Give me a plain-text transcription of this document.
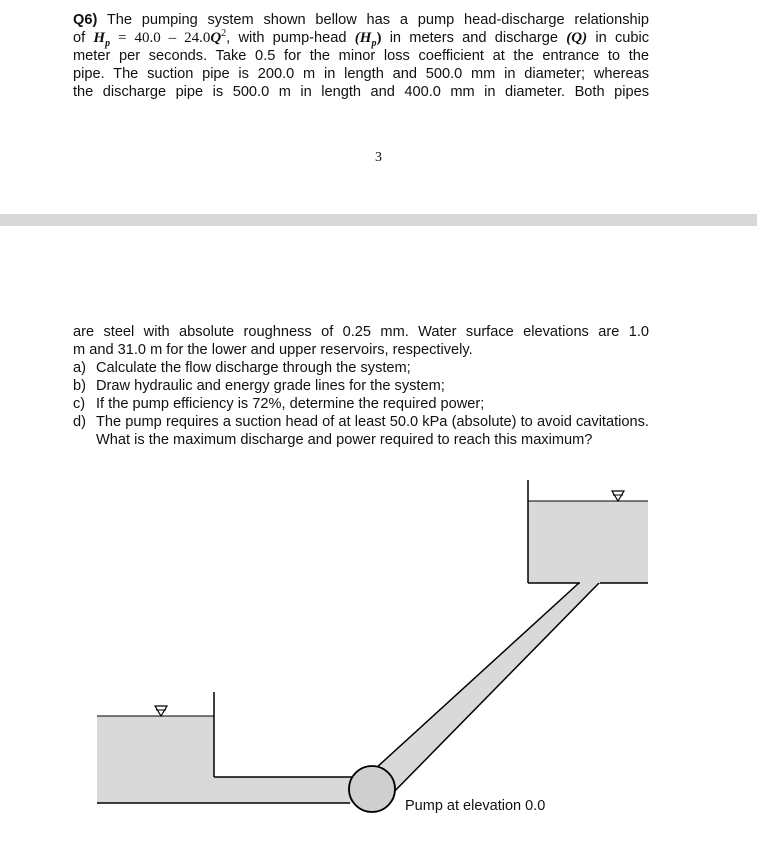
Q6) The pumping system shown bellow has a pump head-discharge relationship
of $H_p = 40.0 - 24.0Q^2$, with pump-head $(H_p)$ in meters and discharge (Q) in cubic
meter per seconds. Take 0.5 for the minor loss coefficient at the entrance to the
pipe. The suction pipe is 200.0 m in length and 500.0 mm in diameter; whereas
the discharge pipe is 500.0 m in length and 400.0 mm in diameter. Both pipes
3
are steel with absolute roughness of 0.25 mm. Water surface elevations are 1.0
m and 31.0 m for the lower and upper reservoirs, respectively.
a) Calculate the flow discharge through the system;
b) Draw hydraulic and energy grade lines for the system;
c) If the pump efficiency is 72%, determine the required power;
d) The pump requires a suction head of at least 50.0 kPa (absolute) to avoid cavitations. What is the maximum discharge and power required to reach this maximum?
Pump at elevation 0.0
